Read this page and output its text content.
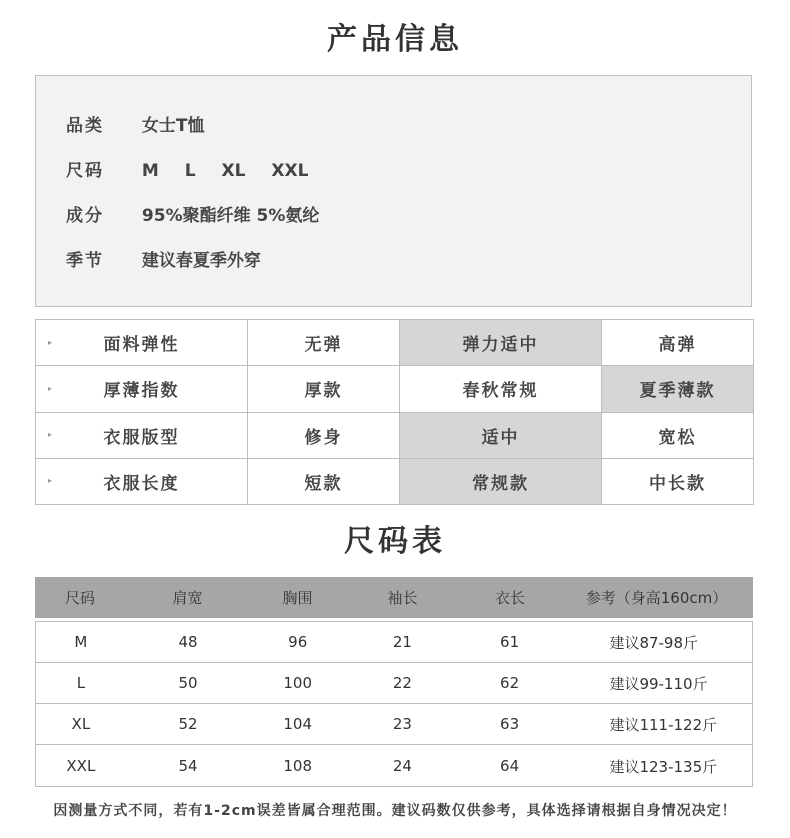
产品信息
品类 女士T恤
尺码 M L XL XXL
成分 95%聚酯纤维 5%氨纶
季节 建议春夏季外穿
▸ 面料弹性	无弹	弹力适中	高弹

▸ 厚薄指数	厚款	春秋常规	夏季薄款

▸ 衣服版型	修身	适中	宽松

▸ 衣服长度	短款	常规款	中长款
尺码表
尺码	肩宽	胸围	袖长	衣长	参考（身高160cm）
M	48	96	21	61	建议87-98斤
L	50	100	22	62	建议99-110斤
XL	52	104	23	63	建议111-122斤
XXL	54	108	24	64	建议123-135斤
因测量方式不同，若有1-2cm误差皆属合理范围。建议码数仅供参考，具体选择请根据自身情况决定！
